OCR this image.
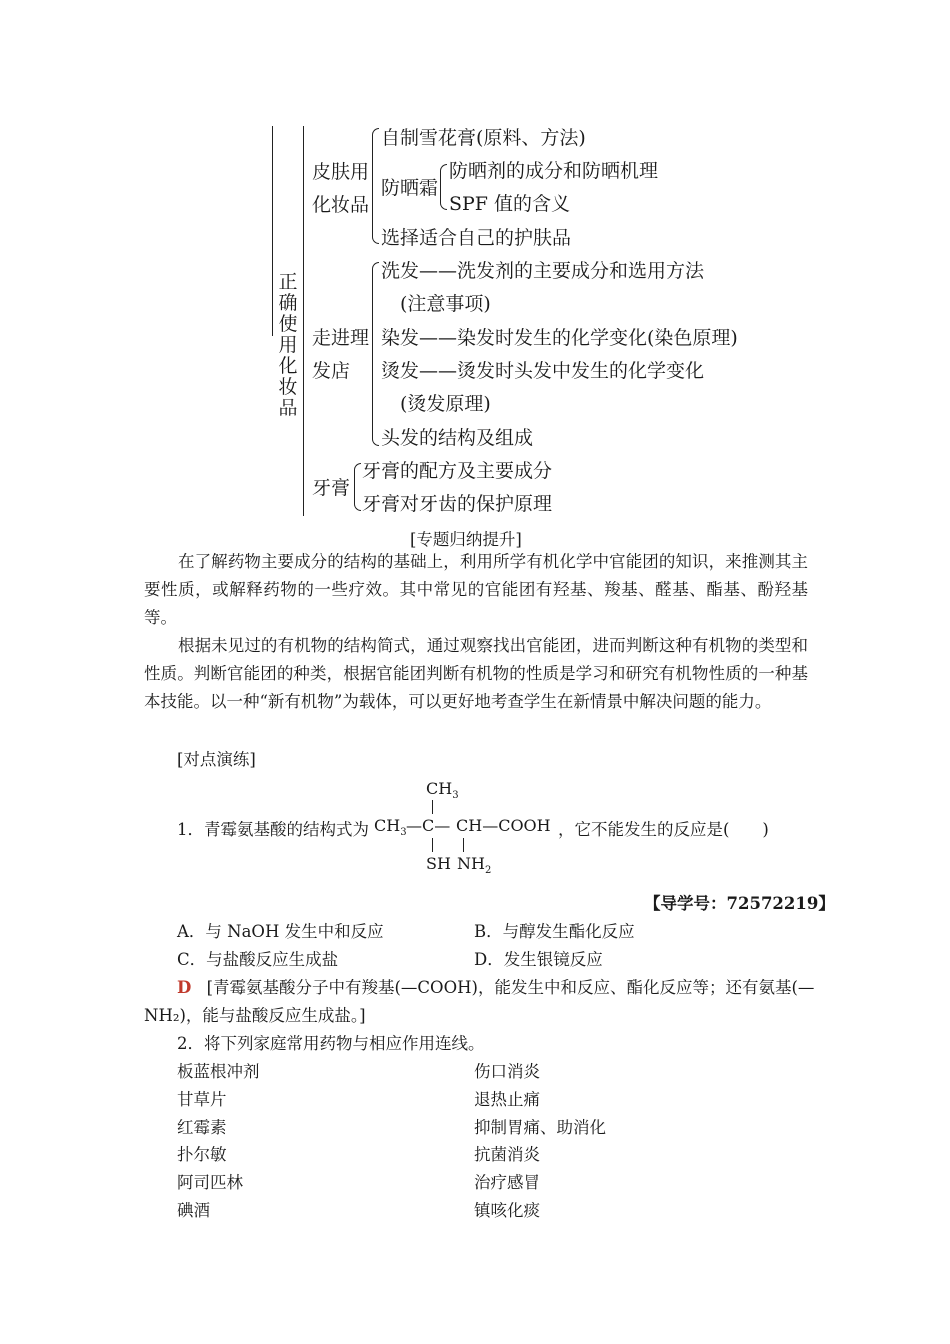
正
确
使
用
化
妆
品
皮肤用
化妆品
自制雪花膏(原料、方法)
防晒霜
防晒剂的成分和防晒机理
SPF 值的含义
选择适合自己的护肤品
走进理
发店
洗发——洗发剂的主要成分和选用方法
(注意事项)
染发——染发时发生的化学变化(染色原理)
烫发——烫发时头发中发生的化学变化
(烫发原理)
头发的结构及组成
牙膏
牙膏的配方及主要成分
牙膏对牙齿的保护原理
[专题归纳提升]
在了解药物主要成分的结构的基础上，利用所学有机化学中官能团的知识，来推测其主要性质，或解释药物的一些疗效。其中常见的官能团有羟基、羧基、醛基、酯基、酚羟基等。
根据未见过的有机物的结构简式，通过观察找出官能团，进而判断这种有机物的类型和性质。判断官能团的种类，根据官能团判断有机物的性质是学习和研究有机物性质的一种基本技能。以一种“新有机物”为载体，可以更好地考查学生在新情景中解决问题的能力。
[对点演练]
1．青霉氨基酸的结构式为
$CH_3$
$CH_3$ —C— CH—COOH
SH $NH_2$
，它不能发生的反应是(　　)
【导学号：72572219】
A．与 NaOH 发生中和反应	B．与醇发生酯化反应
C．与盐酸反应生成盐	D．发生银镜反应
D [青霉氨基酸分子中有羧基(—COOH)，能发生中和反应、酯化反应等；还有氨基(—
NH₂)，能与盐酸反应生成盐。]
2．将下列家庭常用药物与相应作用连线。
板蓝根冲剂
甘草片
红霉素
扑尔敏
阿司匹林
碘酒
伤口消炎
退热止痛
抑制胃痛、助消化
抗菌消炎
治疗感冒
镇咳化痰
